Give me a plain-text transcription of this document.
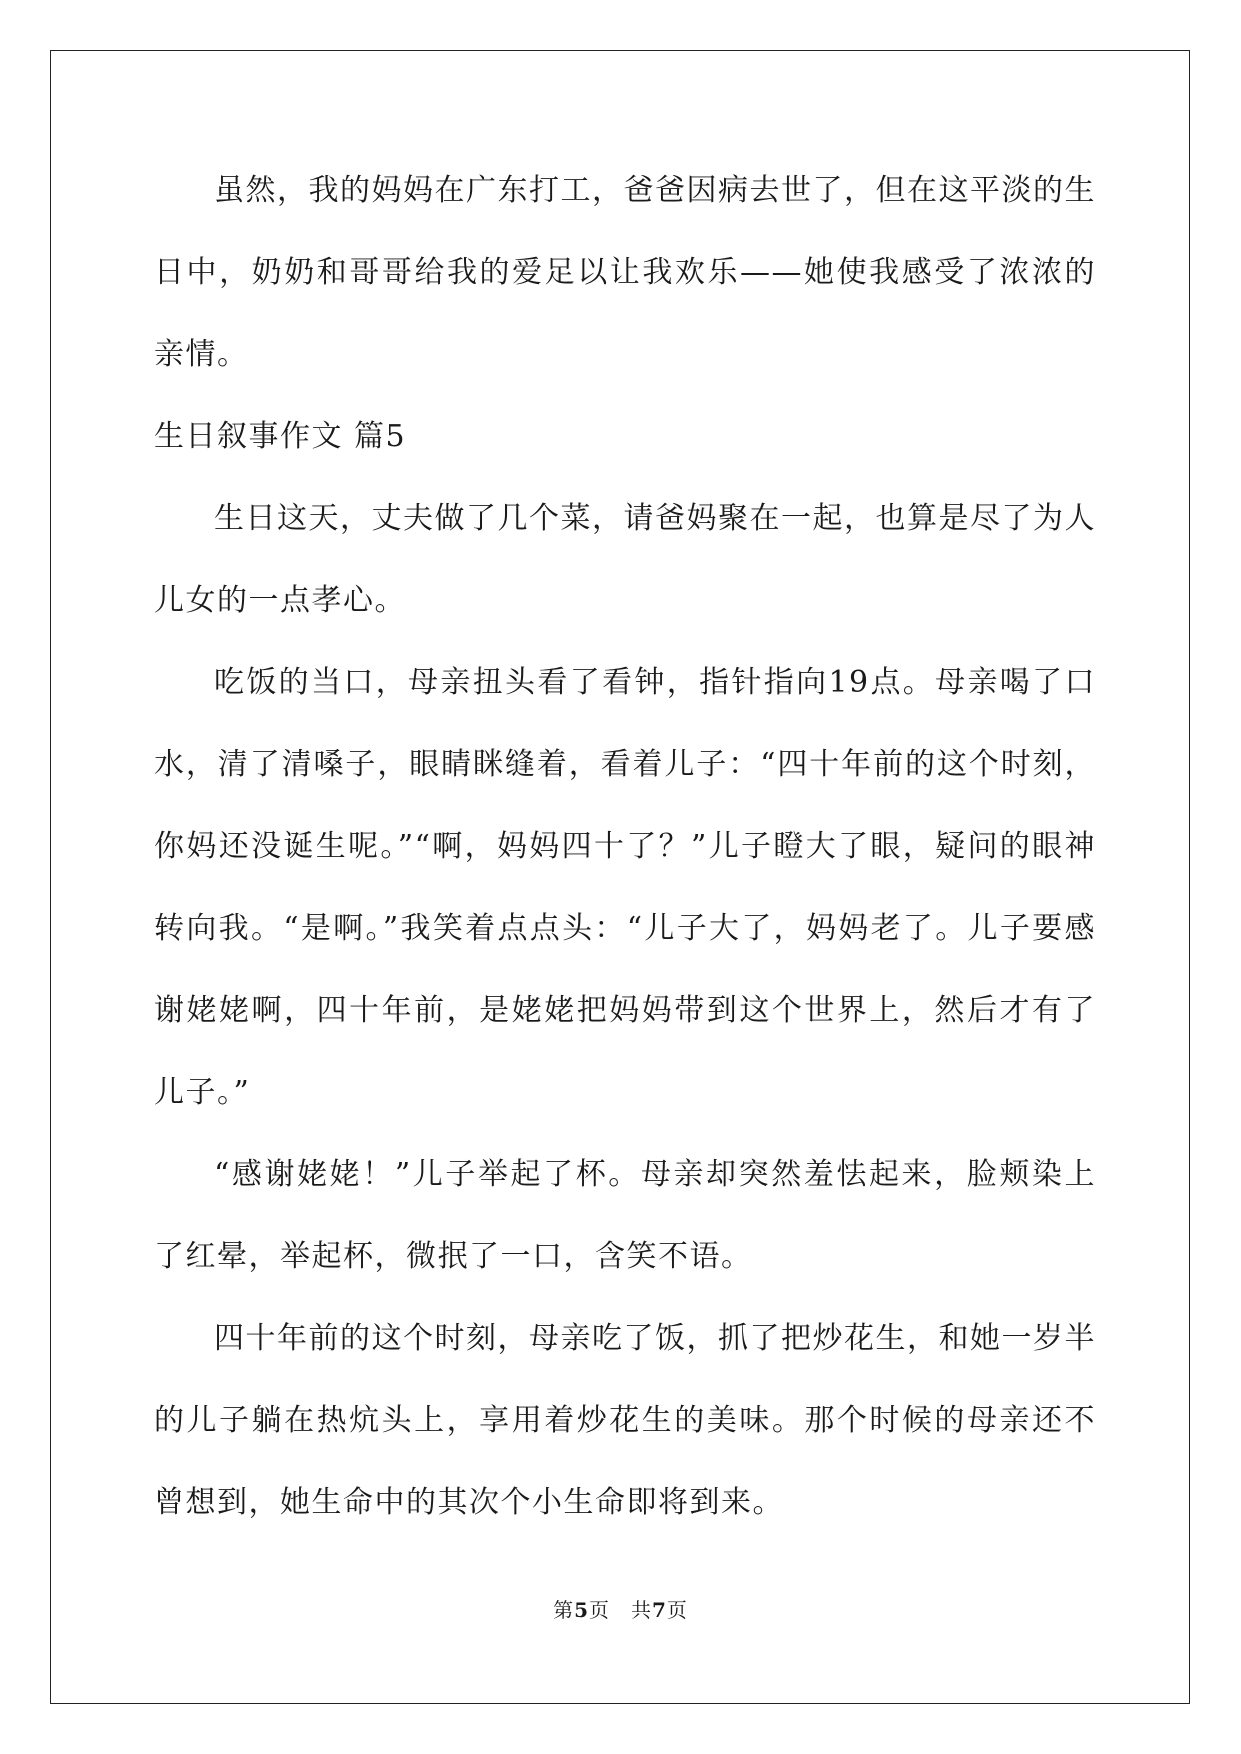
虽然，我的妈妈在广东打工，爸爸因病去世了，但在这平淡的生日中，奶奶和哥哥给我的爱足以让我欢乐——她使我感受了浓浓的亲情。

生日叙事作文 篇5

生日这天，丈夫做了几个菜，请爸妈聚在一起，也算是尽了为人儿女的一点孝心。

吃饭的当口，母亲扭头看了看钟，指针指向19点。母亲喝了口水，清了清嗓子，眼睛眯缝着，看着儿子：“四十年前的这个时刻，你妈还没诞生呢。”“啊，妈妈四十了？”儿子瞪大了眼，疑问的眼神转向我。“是啊。”我笑着点点头：“儿子大了，妈妈老了。儿子要感谢姥姥啊，四十年前，是姥姥把妈妈带到这个世界上，然后才有了儿子。”

“感谢姥姥！”儿子举起了杯。母亲却突然羞怯起来，脸颊染上了红晕，举起杯，微抿了一口，含笑不语。

四十年前的这个时刻，母亲吃了饭，抓了把炒花生，和她一岁半的儿子躺在热炕头上，享用着炒花生的美味。那个时候的母亲还不曾想到，她生命中的其次个小生命即将到来。

第5页　共7页
